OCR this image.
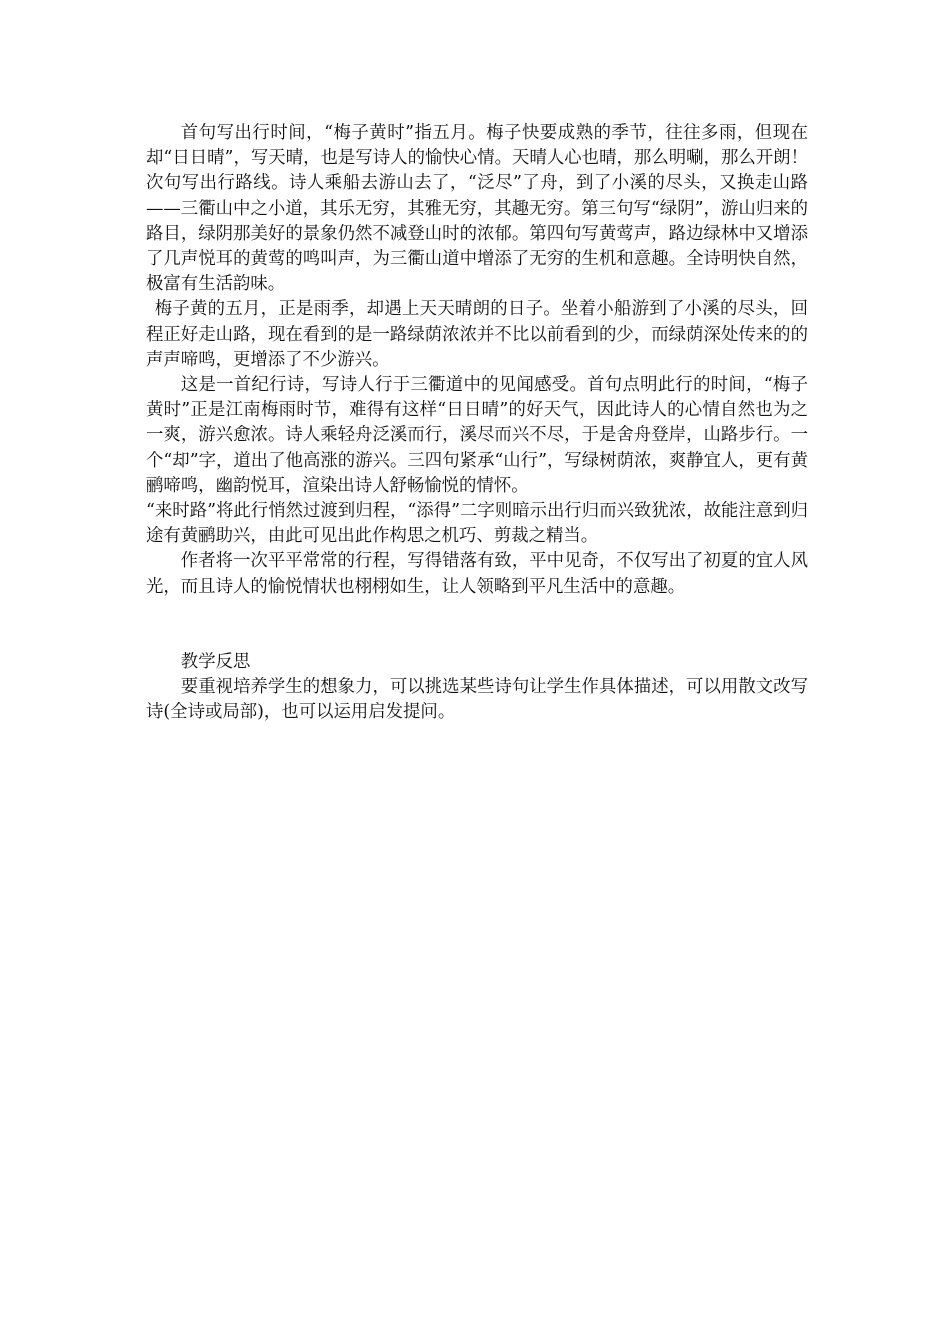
首句写出行时间，“梅子黄时”指五月。梅子快要成熟的季节，往往多雨，但现在却“日日晴”，写天晴，也是写诗人的愉快心情。天晴人心也晴，那么明唰，那么开朗！次句写出行路线。诗人乘船去游山去了，“泛尽”了舟，到了小溪的尽头，又换走山路——三衢山中之小道，其乐无穷，其雅无穷，其趣无穷。第三句写“绿阴”，游山归来的路目，绿阴那美好的景象仍然不减登山时的浓郁。第四句写黄莺声，路边绿林中又增添了几声悦耳的黄莺的鸣叫声，为三衢山道中增添了无穷的生机和意趣。全诗明快自然，极富有生活韵味。

梅子黄的五月，正是雨季，却遇上天天晴朗的日子。坐着小船游到了小溪的尽头，回程正好走山路，现在看到的是一路绿荫浓浓并不比以前看到的少，而绿荫深处传来的的声声啼鸣，更增添了不少游兴。

这是一首纪行诗，写诗人行于三衢道中的见闻感受。首句点明此行的时间，“梅子黄时”正是江南梅雨时节，难得有这样“日日晴”的好天气，因此诗人的心情自然也为之一爽，游兴愈浓。诗人乘轻舟泛溪而行，溪尽而兴不尽，于是舍舟登岸，山路步行。一个“却”字，道出了他高涨的游兴。三四句紧承“山行”，写绿树荫浓，爽静宜人，更有黄鹂啼鸣，幽韵悦耳，渲染出诗人舒畅愉悦的情怀。

“来时路”将此行悄然过渡到归程，“添得”二字则暗示出行归而兴致犹浓，故能注意到归途有黄鹂助兴，由此可见出此作构思之机巧、剪裁之精当。

作者将一次平平常常的行程，写得错落有致，平中见奇，不仅写出了初夏的宜人风光，而且诗人的愉悦情状也栩栩如生，让人领略到平凡生活中的意趣。

教学反思

要重视培养学生的想象力，可以挑选某些诗句让学生作具体描述，可以用散文改写诗(全诗或局部)，也可以运用启发提问。
